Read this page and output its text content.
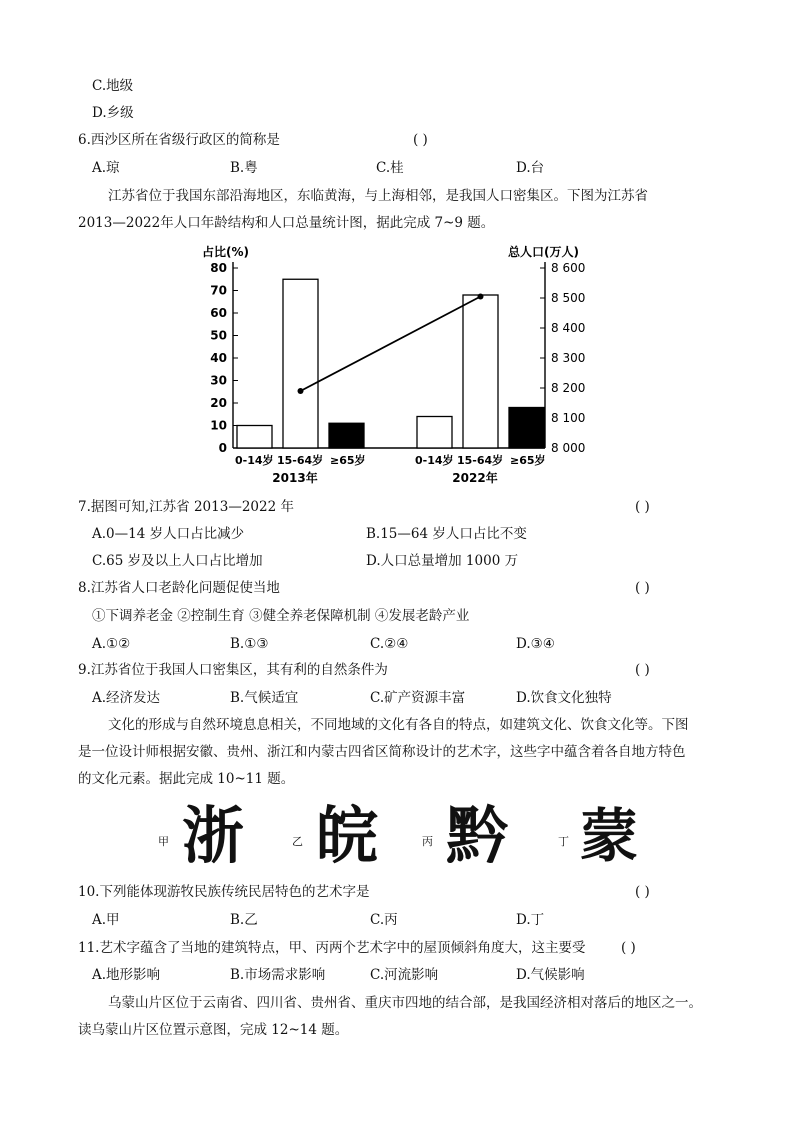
C.地级
D.乡级
6.西沙区所在省级行政区的简称是	( )
A.琼	B.粤	C.桂	D.台
江苏省位于我国东部沿海地区，东临黄海，与上海相邻，是我国人口密集区。下图为江苏省
2013—2022年人口年龄结构和人口总量统计图，据此完成 7~9 题。
0
10
20
30
40
50
60
70
80
8 000
8 100
8 200
8 300
8 400
8 500
8 600
占比(%)	总人口(万人)
0-14岁 15-64岁 ≥65岁
2013年
0-14岁 15-64岁 ≥65岁
2022年
7.据图可知,江苏省 2013—2022 年	( )
A.0—14 岁人口占比减少	B.15—64 岁人口占比不变
C.65 岁及以上人口占比增加	D.人口总量增加 1000 万
8.江苏省人口老龄化问题促使当地	( )
①下调养老金 ②控制生育 ③健全养老保障机制 ④发展老龄产业
A.①②	B.①③	C.②④	D.③④
9.江苏省位于我国人口密集区，其有利的自然条件为	( )
A.经济发达	B.气候适宜	C.矿产资源丰富	D.饮食文化独特
文化的形成与自然环境息息相关，不同地域的文化有各自的特点，如建筑文化、饮食文化等。下图
是一位设计师根据安徽、贵州、浙江和内蒙古四省区简称设计的艺术字，这些字中蕴含着各自地方特色
的文化元素。据此完成 10~11 题。
甲 浙	乙 皖	丙 黔	丁 蒙
10.下列能体现游牧民族传统民居特色的艺术字是	( )
A.甲	B.乙	C.丙	D.丁
11.艺术字蕴含了当地的建筑特点，甲、丙两个艺术字中的屋顶倾斜角度大，这主要受	( )
A.地形影响	B.市场需求影响	C.河流影响	D.气候影响
乌蒙山片区位于云南省、四川省、贵州省、重庆市四地的结合部，是我国经济相对落后的地区之一。
读乌蒙山片区位置示意图，完成 12~14 题。
